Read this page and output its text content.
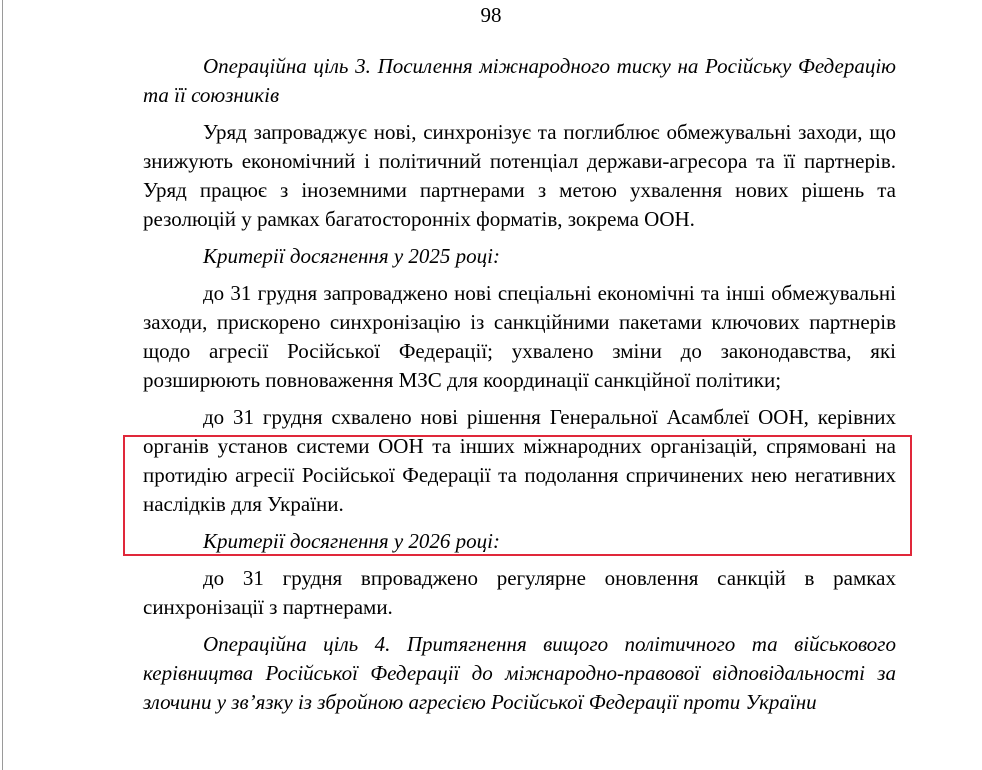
98

Операційна ціль 3. Посилення міжнародного тиску на Російську Федерацію та її союзників

Уряд запроваджує нові, синхронізує та поглиблює обмежувальні заходи, що знижують економічний і політичний потенціал держави-агресора та її партнерів. Уряд працює з іноземними партнерами з метою ухвалення нових рішень та резолюцій у рамках багатосторонніх форматів, зокрема ООН.

Критерії досягнення у 2025 році:

до 31 грудня запроваджено нові спеціальні економічні та інші обмежувальні заходи, прискорено синхронізацію із санкційними пакетами ключових партнерів щодо агресії Російської Федерації; ухвалено зміни до законодавства, які розширюють повноваження МЗС для координації санкційної політики;

до 31 грудня схвалено нові рішення Генеральної Асамблеї ООН, керівних органів установ системи ООН та інших міжнародних організацій, спрямовані на протидію агресії Російської Федерації та подолання спричинених нею негативних наслідків для України.

Критерії досягнення у 2026 році:

до 31 грудня впроваджено регулярне оновлення санкцій в рамках синхронізації з партнерами.

Операційна ціль 4. Притягнення вищого політичного та військового керівництва Російської Федерації до міжнародно-правової відповідальності за злочини у зв’язку із збройною агресією Російської Федерації проти України
